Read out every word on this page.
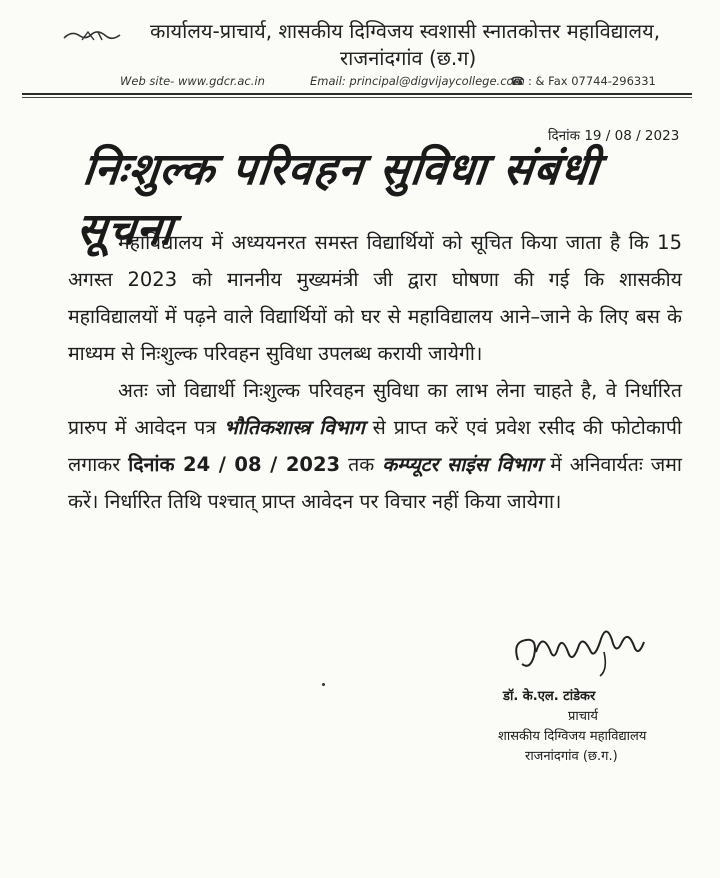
कार्यालय-प्राचार्य, शासकीय दिग्विजय स्वशासी स्नातकोत्तर महाविद्यालय,
राजनांदगांव (छ.ग)
Web site- www.gdcr.ac.in	Email: principal@digvijaycollege.com
☎ : & Fax 07744-296331
दिनांक 19 / 08 / 2023
निःशुल्क परिवहन सुविधा संबंधी सूचना

महाविद्यालय में अध्ययनरत समस्त विद्यार्थियों को सूचित किया जाता है कि 15 अगस्त 2023 को माननीय मुख्यमंत्री जी द्वारा घोषणा की गई कि शासकीय महाविद्यालयों में पढ़ने वाले विद्यार्थियों को घर से महाविद्यालय आने–जाने के लिए बस के माध्यम से निःशुल्क परिवहन सुविधा उपलब्ध करायी जायेगी।

अतः जो विद्यार्थी निःशुल्क परिवहन सुविधा का लाभ लेना चाहते है, वे निर्धारित प्रारुप में आवेदन पत्र भौतिकशास्त्र विभाग से प्राप्त करें एवं प्रवेश रसीद की फोटोकापी लगाकर दिनांक 24 / 08 / 2023 तक कम्प्यूटर साइंस विभाग में अनिवार्यतः जमा करें। निर्धारित तिथि पश्चात् प्राप्त आवेदन पर विचार नहीं किया जायेगा।

डॉ. के.एल. टांडेकर
प्राचार्य
शासकीय दिग्विजय महाविद्यालय
राजनांदगांव (छ.ग.)
